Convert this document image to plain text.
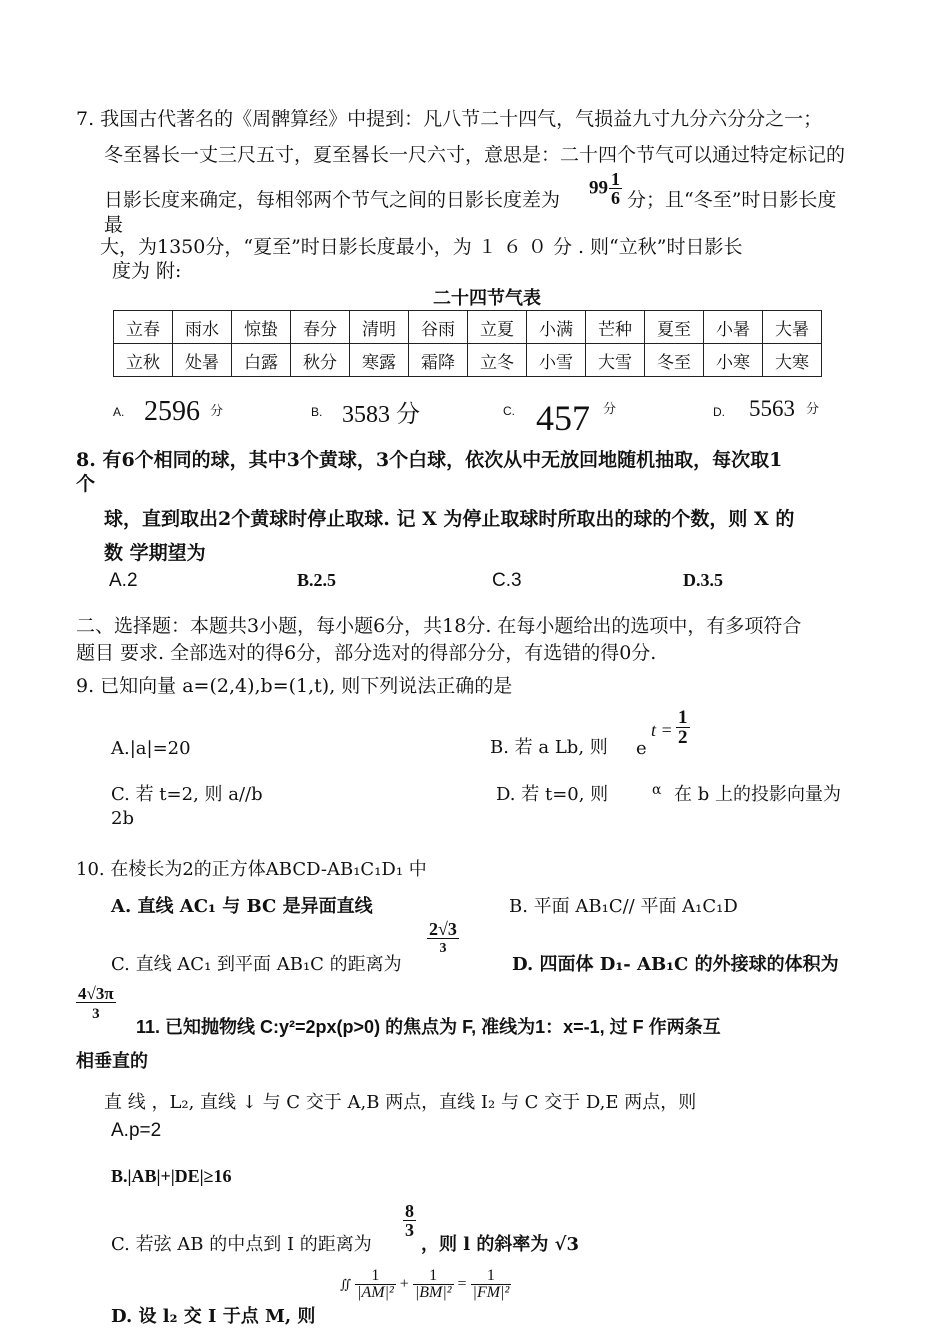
7. 我国古代著名的《周髀算经》中提到：凡八节二十四气，气损益九寸九分六分分之一；
冬至晷长一丈三尺五寸，夏至晷长一尺六寸，意思是：二十四个节气可以通过特定标记的
日影长度来确定，每相邻两个节气之间的日影长度差为
$99 \frac{1}{6}$ 分；且“冬至”时日影长度
最
大，为1350分，“夏至”时日影长度最小，为 １ ６ ０ 分 . 则“立秋”时日影长
度为 附:
二十四节气表
立春	雨水	惊蛰	春分	清明	谷雨	立夏	小满	芒种	夏至	小暑	大暑
立秋	处暑	白露	秋分	寒露	霜降	立冬	小雪	大雪	冬至	小寒	大寒
A. 2596 分	B. 3583 分	C. 457 分	D. 5563 分
8. 有6个相同的球，其中3个黄球，3个白球，依次从中无放回地随机抽取，每次取1
个
球，直到取出2个黄球时停止取球. 记 X 为停止取球时所取出的球的个数，则 X 的
数 学期望为
A.2	B.2.5	C.3	D.3.5
二、选择题：本题共3小题，每小题6分，共18分. 在每小题给出的选项中，有多项符合
题目 要求. 全部选对的得6分，部分选对的得部分分，有选错的得0分.
9. 已知向量 a=(2,4),b=(1,t), 则下列说法正确的是
A.|a|=20	B. 若 a Lb, 则 e
$t = \frac{1}{2}$
C. 若 t=2, 则 a//b	D. 若 t=0, 则	α 在 b 上的投影向量为
2b
10. 在棱长为2的正方体ABCD-AB₁C₁D₁ 中
A. 直线 AC₁ 与 BC 是异面直线	B. 平面 AB₁C// 平面 A₁C₁D
C. 直线 AC₁ 到平面 AB₁C 的距离为
$\frac{2√3}{3}$
D. 四面体 D₁- AB₁C 的外接球的体积为
$\frac{4√3\pi}{3}$
11. 已知抛物线 C:y²=2px(p>0) 的焦点为 F, 准线为1：x=-1, 过 F 作两条互
相垂直的
直 线 ，L₂, 直线 ↓ 与 C 交于 A,B 两点，直线 I₂ 与 C 交于 D,E 两点，则
A.p=2
B.|AB|+|DE|≥16
C. 若弦 AB 的中点到 I 的距离为
$\frac{8}{3}$
，则 l 的斜率为 √3
D. 设 l₂ 交 I 于点 M, 则
∬ $\frac{1}{\text{|AM|²}} + \frac{1}{\text{|BM|²}} = \frac{1}{\text{|FM|²}}$
